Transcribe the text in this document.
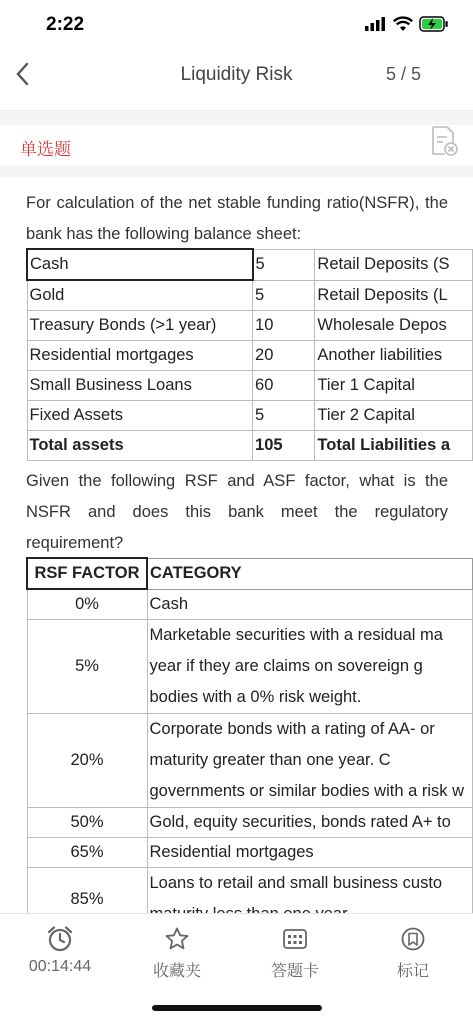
2:22
Liquidity Risk	5 / 5
单选题
For calculation of the net stable funding ratio(NSFR), the bank has the following balance sheet:
Cash	5	Retail Deposits (S
Gold	5	Retail Deposits (L
Treasury Bonds (>1 year)	10	Wholesale Depos
Residential mortgages	20	Another liabilities
Small Business Loans	60	Tier 1 Capital
Fixed Assets	5	Tier 2 Capital
Total assets	105	Total Liabilities a
Given the following RSF and ASF factor, what is the NSFR and does this bank meet the regulatory requirement?
RSF FACTOR	CATEGORY
0%	Cash
5%	Marketable securities with a residual ma year if they are claims on sovereign g bodies with a 0% risk weight.
20%	Corporate bonds with a rating of AA- or maturity greater than one year. C governments or similar bodies with a risk w
50%	Gold, equity securities, bonds rated A+ to
65%	Residential mortgages
85%	Loans to retail and small business custo
00:14:44	收藏夹	答题卡	标记
